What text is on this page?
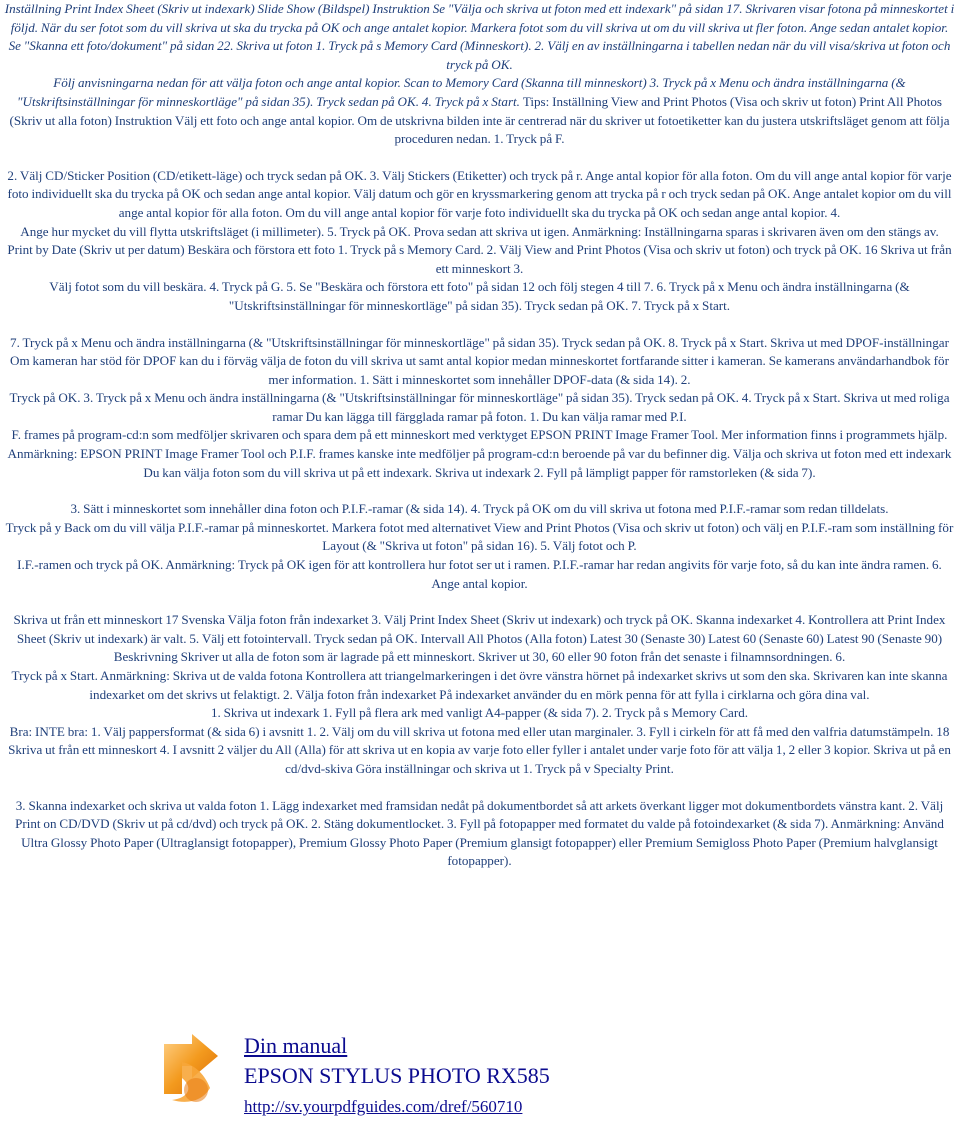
Inställning Print Index Sheet (Skriv ut indexark) Slide Show (Bildspel) Instruktion Se "Välja och skriva ut foton med ett indexark" på sidan 17. Skrivaren visar fotona på minneskortet i följd. När du ser fotot som du vill skriva ut ska du trycka på OK och ange antalet kopior. Markera fotot som du vill skriva ut om du vill skriva ut fler foton. Ange sedan antalet kopior.

Se "Skanna ett foto/dokument" på sidan 22. Skriva ut foton 1. Tryck på s Memory Card (Minneskort). 2. Välj en av inställningarna i tabellen nedan när du vill visa/skriva ut foton och tryck på OK.

Följ anvisningarna nedan för att välja foton och ange antal kopior. Scan to Memory Card (Skanna till minneskort) 3. Tryck på x Menu och ändra inställningarna (& "Utskriftsinställningar för minneskortläge" på sidan 35). Tryck sedan på OK. 4. Tryck på x Start. Tips: Inställning View and Print Photos (Visa och skriv ut foton) Print All Photos (Skriv ut alla foton) Instruktion Välj ett foto och ange antal kopior. Om de utskrivna bilden inte är centrerad när du skriver ut fotoetiketter kan du justera utskriftsläget genom att följa proceduren nedan. 1. Tryck på F.

2. Välj CD/Sticker Position (CD/etikett-läge) och tryck sedan på OK. 3. Välj Stickers (Etiketter) och tryck på r. Ange antal kopior för alla foton. Om du vill ange antal kopior för varje foto individuellt ska du trycka på OK och sedan ange antal kopior. Välj datum och gör en kryssmarkering genom att trycka på r och tryck sedan på OK. Ange antalet kopior om du vill ange antal kopior för alla foton. Om du vill ange antal kopior för varje foto individuellt ska du trycka på OK och sedan ange antal kopior. 4.

Ange hur mycket du vill flytta utskriftsläget (i millimeter). 5. Tryck på OK. Prova sedan att skriva ut igen. Anmärkning: Inställningarna sparas i skrivaren även om den stängs av.

Print by Date (Skriv ut per datum) Beskära och förstora ett foto 1. Tryck på s Memory Card. 2. Välj View and Print Photos (Visa och skriv ut foton) och tryck på OK. 16 Skriva ut från ett minneskort 3.

Välj fotot som du vill beskära. 4. Tryck på G. 5. Se "Beskära och förstora ett foto" på sidan 12 och följ stegen 4 till 7. 6. Tryck på x Menu och ändra inställningarna (& "Utskriftsinställningar för minneskortläge" på sidan 35). Tryck sedan på OK. 7. Tryck på x Start.

7. Tryck på x Menu och ändra inställningarna (& "Utskriftsinställningar för minneskortläge" på sidan 35). Tryck sedan på OK. 8. Tryck på x Start. Skriva ut med DPOF-inställningar Om kameran har stöd för DPOF kan du i förväg välja de foton du vill skriva ut samt antal kopior medan minneskortet fortfarande sitter i kameran. Se kamerans användarhandbok för mer information. 1. Sätt i minneskortet som innehåller DPOF-data (& sida 14). 2.

Tryck på OK. 3. Tryck på x Menu och ändra inställningarna (& "Utskriftsinställningar för minneskortläge" på sidan 35). Tryck sedan på OK. 4. Tryck på x Start. Skriva ut med roliga ramar Du kan lägga till färgglada ramar på foton. 1. Du kan välja ramar med P.I.

F. frames på program-cd:n som medföljer skrivaren och spara dem på ett minneskort med verktyget EPSON PRINT Image Framer Tool. Mer information finns i programmets hjälp. Anmärkning: EPSON PRINT Image Framer Tool och P.I.F. frames kanske inte medföljer på program-cd:n beroende på var du befinner dig. Välja och skriva ut foton med ett indexark Du kan välja foton som du vill skriva ut på ett indexark. Skriva ut indexark 2. Fyll på lämpligt papper för ramstorleken (& sida 7).

3. Sätt i minneskortet som innehåller dina foton och P.I.F.-ramar (& sida 14). 4. Tryck på OK om du vill skriva ut fotona med P.I.F.-ramar som redan tilldelats.

Tryck på y Back om du vill välja P.I.F.-ramar på minneskortet. Markera fotot med alternativet View and Print Photos (Visa och skriv ut foton) och välj en P.I.F.-ram som inställning för Layout (& "Skriva ut foton" på sidan 16). 5. Välj fotot och P.

I.F.-ramen och tryck på OK. Anmärkning: Tryck på OK igen för att kontrollera hur fotot ser ut i ramen. P.I.F.-ramar har redan angivits för varje foto, så du kan inte ändra ramen. 6. Ange antal kopior.

Skriva ut från ett minneskort 17 Svenska Välja foton från indexarket 3. Välj Print Index Sheet (Skriv ut indexark) och tryck på OK. Skanna indexarket 4. Kontrollera att Print Index Sheet (Skriv ut indexark) är valt. 5. Välj ett fotointervall. Tryck sedan på OK. Intervall All Photos (Alla foton) Latest 30 (Senaste 30) Latest 60 (Senaste 60) Latest 90 (Senaste 90) Beskrivning Skriver ut alla de foton som är lagrade på ett minneskort. Skriver ut 30, 60 eller 90 foton från det senaste i filnamnsordningen. 6.

Tryck på x Start. Anmärkning: Skriva ut de valda fotona Kontrollera att triangelmarkeringen i det övre vänstra hörnet på indexarket skrivs ut som den ska. Skrivaren kan inte skanna indexarket om det skrivs ut felaktigt. 2. Välja foton från indexarket På indexarket använder du en mörk penna för att fylla i cirklarna och göra dina val.

1. Skriva ut indexark 1. Fyll på flera ark med vanligt A4-papper (& sida 7). 2. Tryck på s Memory Card.

Bra: INTE bra: 1. Välj pappersformat (& sida 6) i avsnitt 1. 2. Välj om du vill skriva ut fotona med eller utan marginaler. 3. Fyll i cirkeln för att få med den valfria datumstämpeln. 18 Skriva ut från ett minneskort 4. I avsnitt 2 väljer du All (Alla) för att skriva ut en kopia av varje foto eller fyller i antalet under varje foto för att välja 1, 2 eller 3 kopior. Skriva ut på en cd/dvd-skiva Göra inställningar och skriva ut 1. Tryck på v Specialty Print.

3. Skanna indexarket och skriva ut valda foton 1. Lägg indexarket med framsidan nedåt på dokumentbordet så att arkets överkant ligger mot dokumentbordets vänstra kant. 2. Välj Print on CD/DVD (Skriv ut på cd/dvd) och tryck på OK. 2. Stäng dokumentlocket. 3. Fyll på fotopapper med formatet du valde på fotoindexarket (& sida 7). Anmärkning: Använd Ultra Glossy Photo Paper (Ultraglansigt fotopapper), Premium Glossy Photo Paper (Premium glansigt fotopapper) eller Premium Semigloss Photo Paper (Premium halvglansigt fotopapper).

Din manual
EPSON STYLUS PHOTO RX585
http://sv.yourpdfguides.com/dref/560710
